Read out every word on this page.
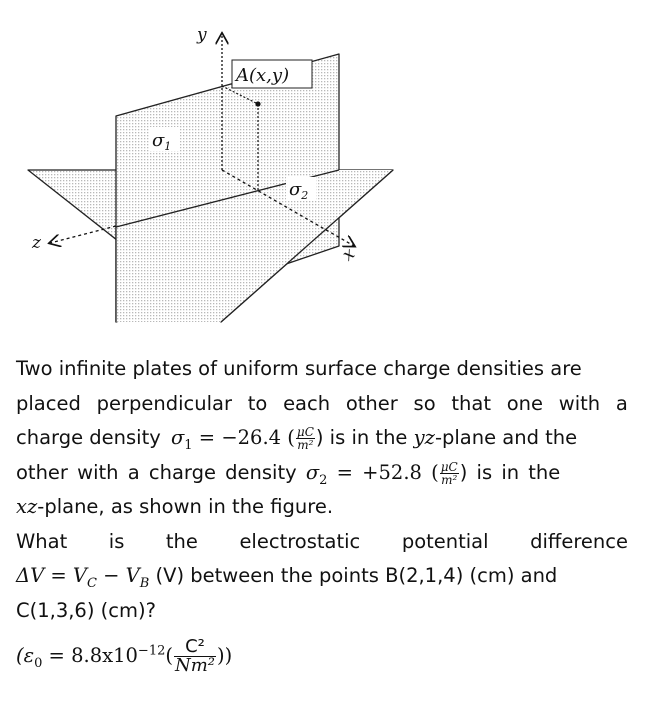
A(x,y)
$\sigma_1$
$\sigma_2$
y
x
z
Two infinite plates of uniform surface charge densities are
placed perpendicular to each other so that one with a
charge density $\sigma_1 = -26.4$ ( $\frac{\mu C}{\text{m²}}$ ) is in the yz-plane and the
other with a charge density $\sigma_2 = +52.8$ ( $\frac{\mu C}{\text{m²}}$ ) is in the
xz-plane, as shown in the figure.
What is the electrostatic potential difference
$\Delta V = V_C - V_B$ (V) between the points B(2,1,4) (cm) and
C(1,3,6) (cm)?
($\varepsilon_0 = 8.8x10^{-12}( \frac{\text{C²}}{\text{Nm²}}$ ))
